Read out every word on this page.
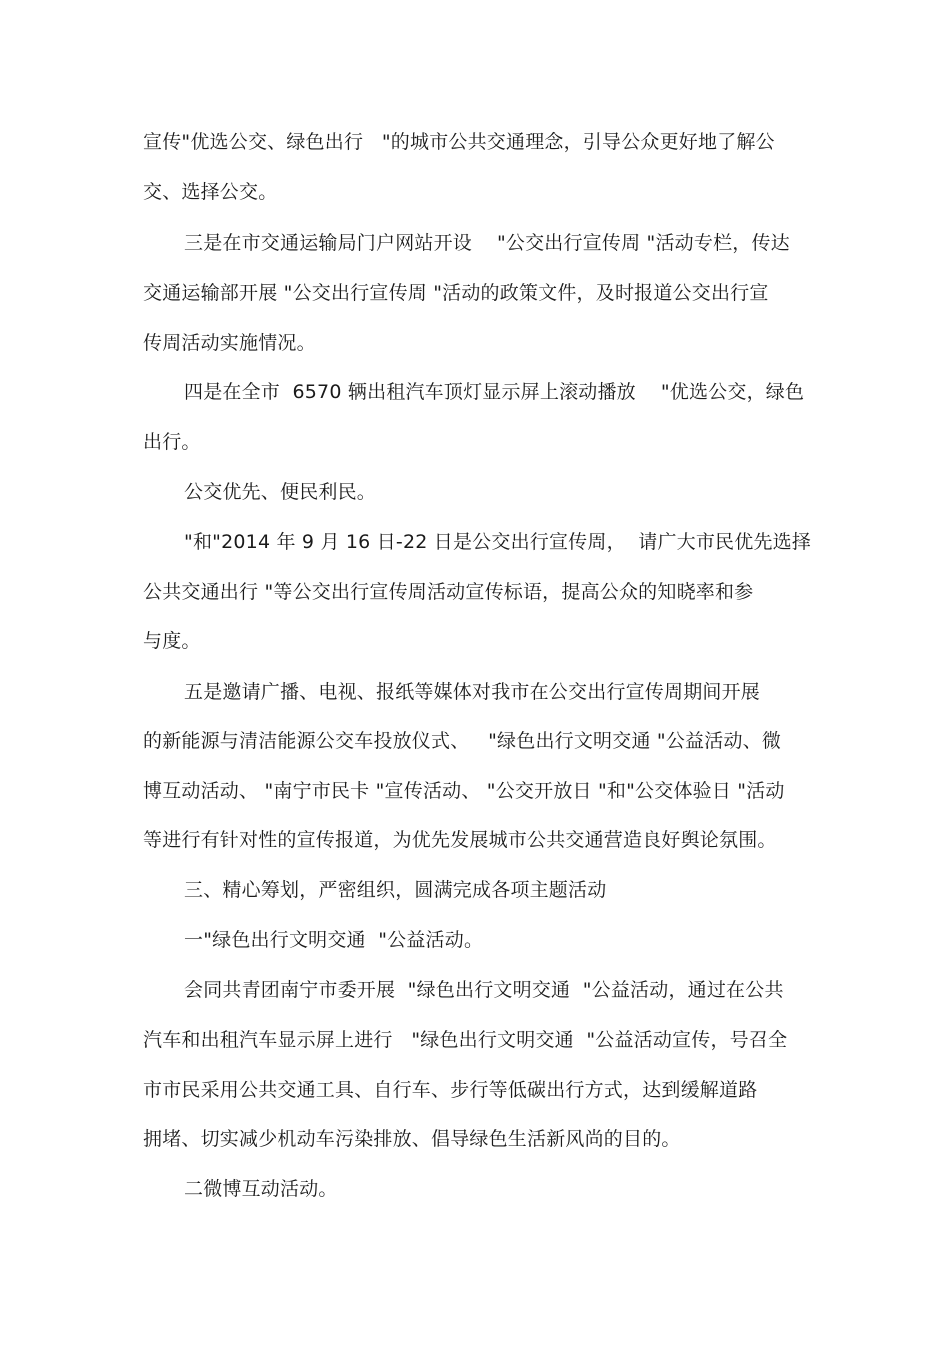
宣传"优选公交、绿色出行   "的城市公共交通理念，引导公众更好地了解公
交、选择公交。
三是在市交通运输局门户网站开设    "公交出行宣传周 "活动专栏，传达
交通运输部开展 "公交出行宣传周 "活动的政策文件，及时报道公交出行宣
传周活动实施情况。
四是在全市  6570 辆出租汽车顶灯显示屏上滚动播放    "优选公交，绿色
出行。
公交优先、便民利民。
"和"2014 年 9 月 16 日-22 日是公交出行宣传周，  请广大市民优先选择
公共交通出行 "等公交出行宣传周活动宣传标语，提高公众的知晓率和参
与度。
五是邀请广播、电视、报纸等媒体对我市在公交出行宣传周期间开展
的新能源与清洁能源公交车投放仪式、   "绿色出行文明交通 "公益活动、微
博互动活动、 "南宁市民卡 "宣传活动、 "公交开放日 "和"公交体验日 "活动
等进行有针对性的宣传报道，为优先发展城市公共交通营造良好舆论氛围。
三、精心筹划，严密组织，圆满完成各项主题活动
一"绿色出行文明交通  "公益活动。
会同共青团南宁市委开展  "绿色出行文明交通  "公益活动，通过在公共
汽车和出租汽车显示屏上进行   "绿色出行文明交通  "公益活动宣传，号召全
市市民采用公共交通工具、自行车、步行等低碳出行方式，达到缓解道路
拥堵、切实减少机动车污染排放、倡导绿色生活新风尚的目的。
二微博互动活动。
